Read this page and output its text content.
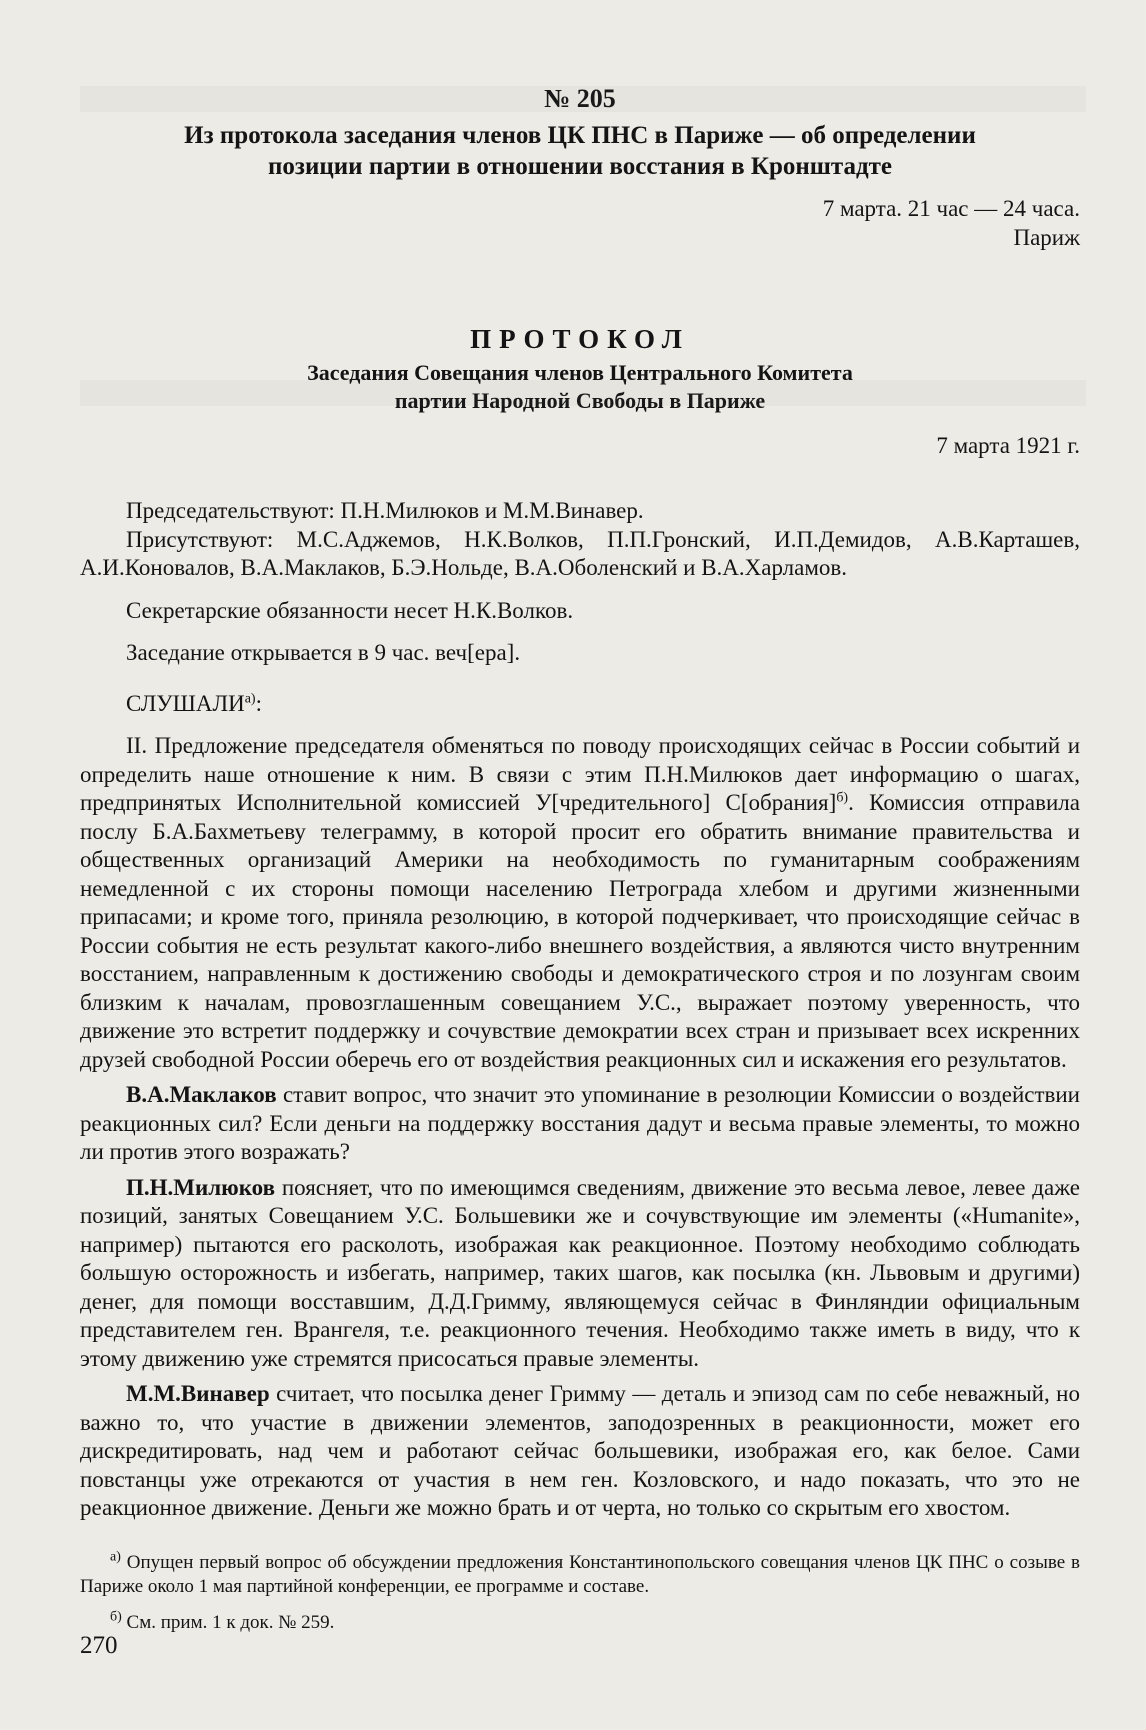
№ 205
Из протокола заседания членов ЦК ПНС в Париже — об определении
позиции партии в отношении восстания в Кронштадте
7 марта. 21 час — 24 часа.
Париж
ПРОТОКОЛ
Заседания Совещания членов Центрального Комитета
партии Народной Свободы в Париже
7 марта 1921 г.

Председательствуют: П.Н.Милюков и М.М.Винавер.

Присутствуют: М.С.Аджемов, Н.К.Волков, П.П.Гронский, И.П.Демидов, А.В.Карташев, А.И.Коновалов, В.А.Маклаков, Б.Э.Нольде, В.А.Оболенский и В.А.Харламов.

Секретарские обязанности несет Н.К.Волков.

Заседание открывается в 9 час. веч[ера].

$СЛУШАЛИ^{а)}$:

II. Предложение председателя обменяться по поводу происходящих сейчас в России событий и определить наше отношение к ним. В связи с этим П.Н.Милюков дает информацию о шагах, предпринятых Исполнительной комиссией У[чредительного] С[обрания]$^{б)}$. Комиссия отправила послу Б.А.Бахметьеву телеграмму, в которой просит его обратить внимание правительства и общественных организаций Америки на необходимость по гуманитарным соображениям немедленной с их стороны помощи населению Петрограда хлебом и другими жизненными припасами; и кроме того, приняла резолюцию, в которой подчеркивает, что происходящие сейчас в России события не есть результат какого-либо внешнего воздействия, а являются чисто внутренним восстанием, направленным к достижению свободы и демократического строя и по лозунгам своим близким к началам, провозглашенным совещанием У.С., выражает поэтому уверенность, что движение это встретит поддержку и сочувствие демократии всех стран и призывает всех искренних друзей свободной России оберечь его от воздействия реакционных сил и искажения его результатов.

В.А.Маклаков ставит вопрос, что значит это упоминание в резолюции Комиссии о воздействии реакционных сил? Если деньги на поддержку восстания дадут и весьма правые элементы, то можно ли против этого возражать?

П.Н.Милюков поясняет, что по имеющимся сведениям, движение это весьма левое, левее даже позиций, занятых Совещанием У.С. Большевики же и сочувствующие им элементы («Humanite», например) пытаются его расколоть, изображая как реакционное. Поэтому необходимо соблюдать большую осторожность и избегать, например, таких шагов, как посылка (кн. Львовым и другими) денег, для помощи восставшим, Д.Д.Гримму, являющемуся сейчас в Финляндии официальным представителем ген. Врангеля, т.е. реакционного течения. Необходимо также иметь в виду, что к этому движению уже стремятся присосаться правые элементы.

М.М.Винавер считает, что посылка денег Гримму — деталь и эпизод сам по себе неважный, но важно то, что участие в движении элементов, заподозренных в реакционности, может его дискредитировать, над чем и работают сейчас большевики, изображая его, как белое. Сами повстанцы уже отрекаются от участия в нем ген. Козловского, и надо показать, что это не реакционное движение. Деньги же можно брать и от черта, но только со скрытым его хвостом.

$^{а)}$ Опущен первый вопрос об обсуждении предложения Константинопольского совещания членов ЦК ПНС о созыве в Париже около 1 мая партийной конференции, ее программе и составе.

$^{б)}$ См. прим. 1 к док. № 259.

270
